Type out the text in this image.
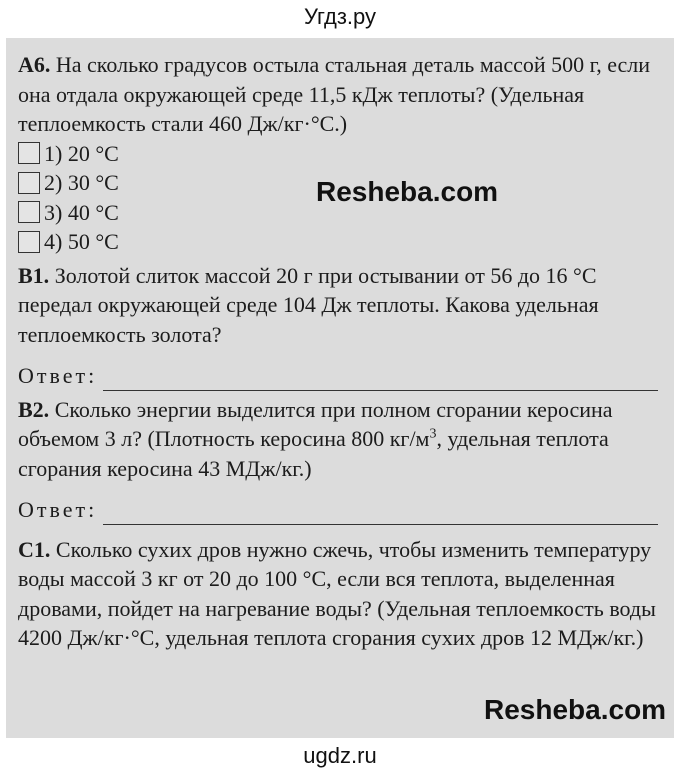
Угдз.ру

А6. На сколько градусов остыла стальная деталь массой 500 г, если она отдала окружающей среде 11,5 кДж теплоты? (Удельная теплоемкость стали 460 Дж/кг·°С.)

1) 20 °С
2) 30 °С
3) 40 °С
4) 50 °С

В1. Золотой слиток массой 20 г при остывании от 56 до 16 °С передал окружающей среде 104 Дж теплоты. Какова удельная теплоемкость золота?

Ответ:

В2. Сколько энергии выделится при полном сгорании керосина объемом 3 л? (Плотность керосина 800 $кг/м^3$, удельная теплота сгорания керосина 43 МДж/кг.)

Ответ:

С1. Сколько сухих дров нужно сжечь, чтобы изменить температуру воды массой 3 кг от 20 до 100 °С, если вся теплота, выделенная дровами, пойдет на нагревание воды? (Удельная теплоемкость воды 4200 Дж/кг·°С, удельная теплота сгорания сухих дров 12 МДж/кг.)

Resheba.com
Resheba.com
ugdz.ru
